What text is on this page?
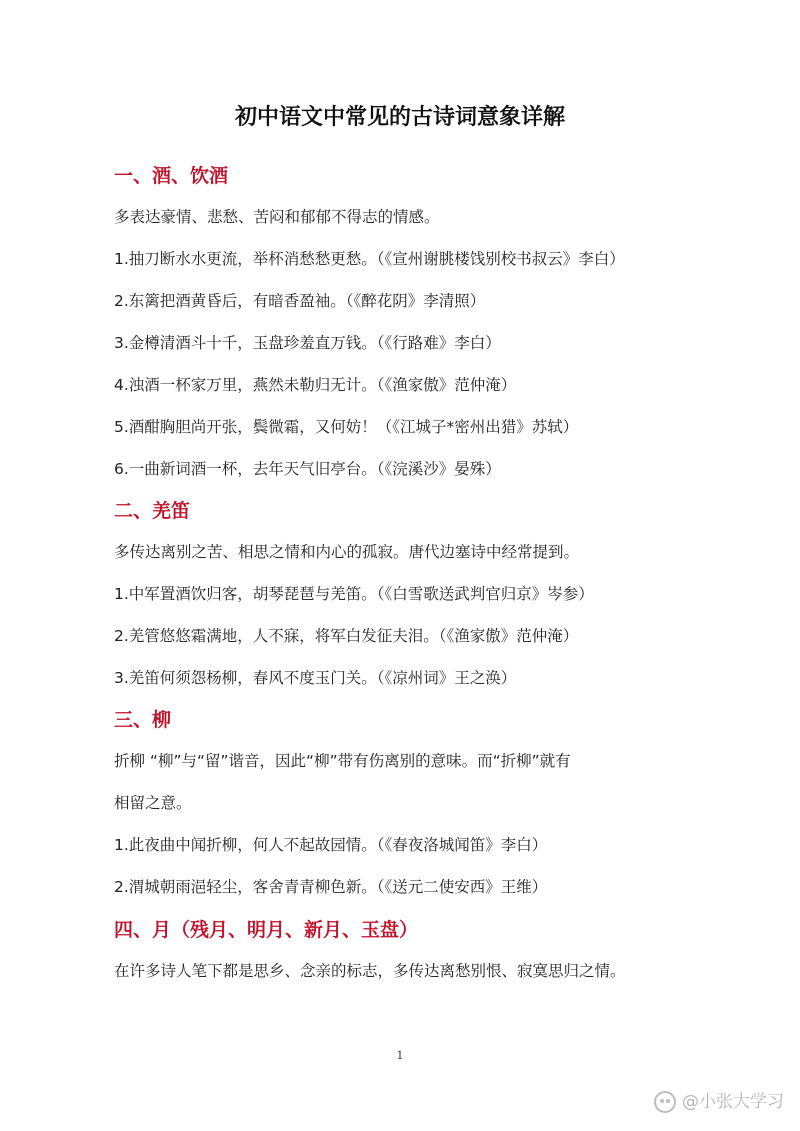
初中语文中常见的古诗词意象详解
一、酒、饮酒
多表达豪情、悲愁、苦闷和郁郁不得志的情感。
1.抽刀断水水更流，举杯消愁愁更愁。（《宣州谢朓楼饯别校书叔云》李白）
2.东篱把酒黄昏后，有暗香盈袖。（《醉花阴》李清照）
3.金樽清酒斗十千，玉盘珍羞直万钱。（《行路难》李白）
4.浊酒一杯家万里，燕然未勒归无计。（《渔家傲》范仲淹）
5.酒酣胸胆尚开张，鬓微霜，又何妨！（《江城子*密州出猎》苏轼）
6.一曲新词酒一杯，去年天气旧亭台。（《浣溪沙》晏殊）
二、羌笛
多传达离别之苦、相思之情和内心的孤寂。唐代边塞诗中经常提到。
1.中军置酒饮归客，胡琴琵琶与羌笛。（《白雪歌送武判官归京》岑参）
2.羌管悠悠霜满地，人不寐，将军白发征夫泪。（《渔家傲》范仲淹）
3.羌笛何须怨杨柳，春风不度玉门关。（《凉州词》王之涣）
三、柳
折柳 “柳”与“留”谐音，因此“柳”带有伤离别的意味。而“折柳”就有
相留之意。
1.此夜曲中闻折柳，何人不起故园情。（《春夜洛城闻笛》李白）
2.渭城朝雨浥轻尘，客舍青青柳色新。（《送元二使安西》王维）
四、月（残月、明月、新月、玉盘）
在许多诗人笔下都是思乡、念亲的标志，多传达离愁别恨、寂寞思归之情。
1
@小张大学习
